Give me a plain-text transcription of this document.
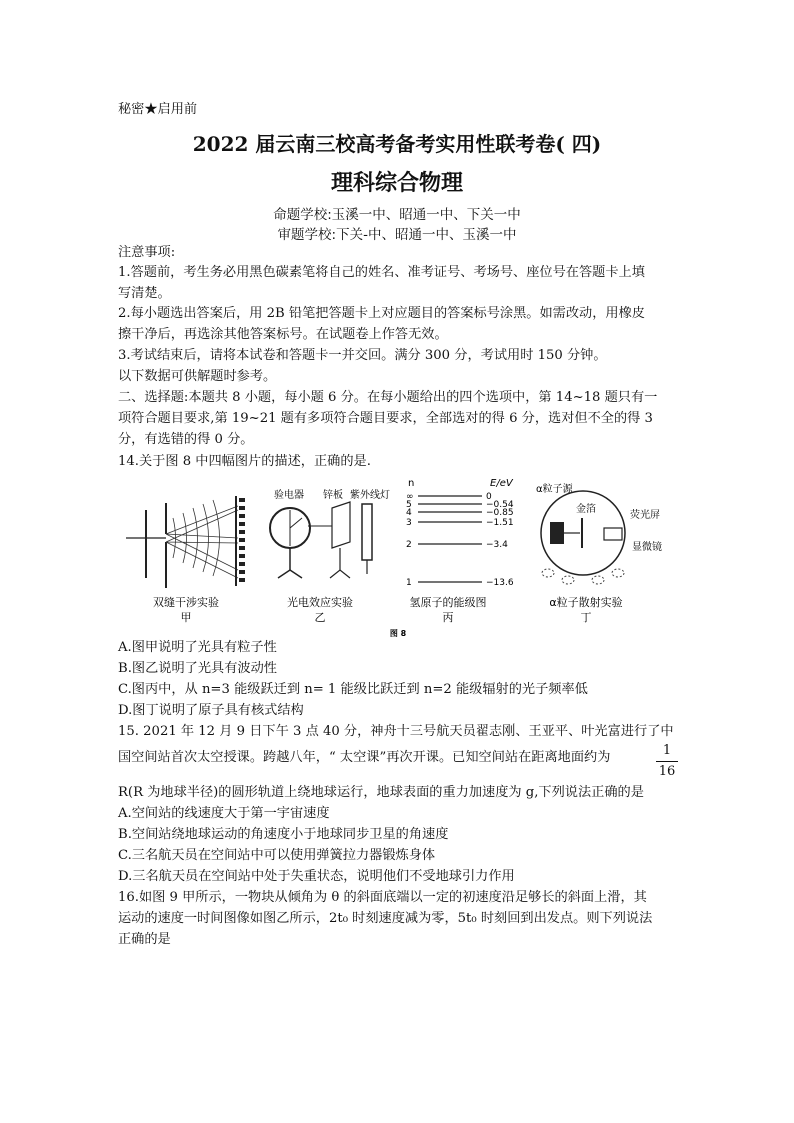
秘密★启用前
2022 届云南三校高考备考实用性联考卷( 四)
理科综合物理
命题学校:玉溪一中、昭通一中、下关一中
审题学校:下关-中、昭通一中、玉溪一中
注意事项:
1.答题前，考生务必用黑色碳素笔将自己的姓名、准考证号、考场号、座位号在答题卡上填
写清楚。
2.每小题选出答案后，用 2B 铅笔把答题卡上对应题目的答案标号涂黑。如需改动，用橡皮
擦干净后，再选涂其他答案标号。在试题卷上作答无效。
3.考试结束后，请将本试卷和答题卡一并交回。满分 300 分，考试用时 150 分钟。
以下数据可供解题时参考。
二、选择题:本题共 8 小题，每小题 6 分。在每小题给出的四个选项中，第 14~18 题只有一
项符合题目要求,第 19~21 题有多项符合题目要求，全部选对的得 6 分，选对但不全的得 3
分，有选错的得 0 分。
14.关于图 8 中四幅图片的描述，正确的是.
双缝干涉实验
甲
验电器 锌板 紫外线灯
光电效应实验
乙
n	E/eV
∞	0
5	−0.54
4	−0.85
3	−1.51
2	−3.4
1	−13.6
氢原子的能级图
丙
α粒子源
金箔
荧光屏
显微镜
α粒子散射实验
丁
图 8
A.图甲说明了光具有粒子性
B.图乙说明了光具有波动性
C.图丙中，从 n=3 能级跃迁到 n= 1 能级比跃迁到 n=2 能级辐射的光子频率低
D.图丁说明了原子具有核式结构
15. 2021 年 12 月 9 日下午 3 点 40 分，神舟十三号航天员翟志刚、王亚平、叶光富进行了中
国空间站首次太空授课。跨越八年，“ 太空课”再次开课。已知空间站在距离地面约为	1
16
R(R 为地球半径)的圆形轨道上绕地球运行，地球表面的重力加速度为 g,下列说法正确的是
A.空间站的线速度大于第一宇宙速度
B.空间站绕地球运动的角速度小于地球同步卫星的角速度
C.三名航天员在空间站中可以使用弹簧拉力器锻炼身体
D.三名航天员在空间站中处于失重状态，说明他们不受地球引力作用
16.如图 9 甲所示，一物块从倾角为 θ 的斜面底端以一定的初速度沿足够长的斜面上滑，其
运动的速度一时间图像如图乙所示，2t₀ 时刻速度减为零，5t₀ 时刻回到出发点。则下列说法
正确的是
